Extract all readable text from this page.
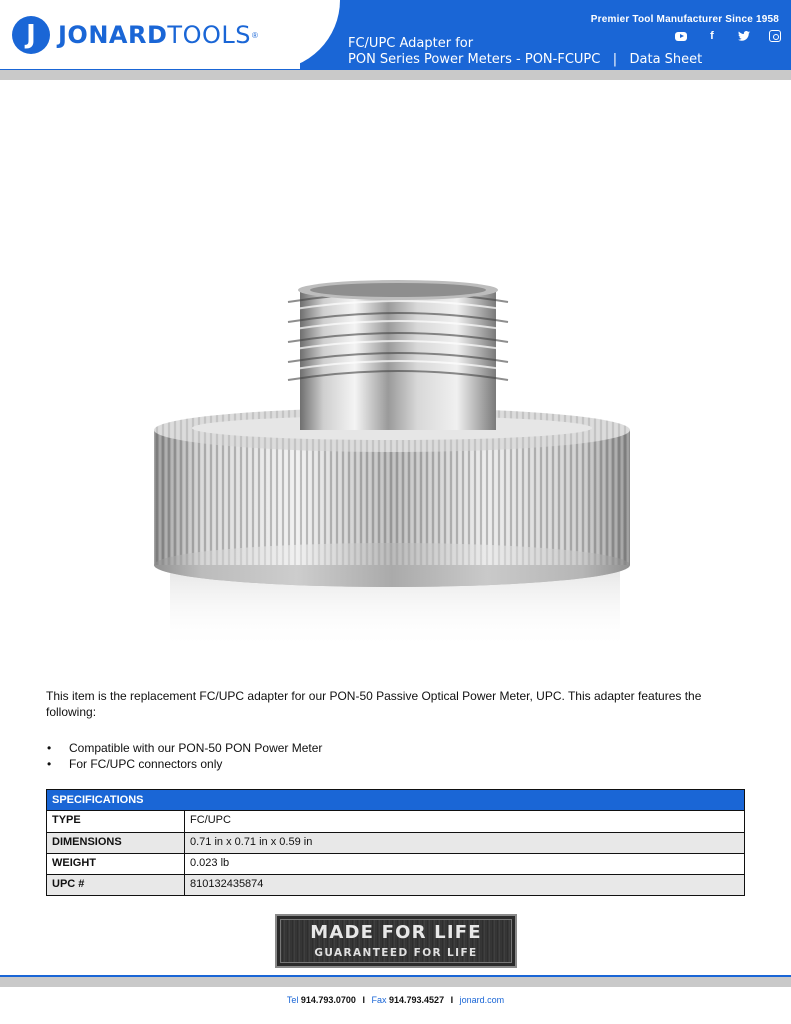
J JONARD TOOLS ®
Premier Tool Manufacturer Since 1958
f
FC/UPC Adapter for
PON Series Power Meters - PON-FCUPC   |   Data Sheet

This item is the replacement FC/UPC adapter for our PON-50 Passive Optical Power Meter, UPC. This adapter features the following:

• Compatible with our PON-50 PON Power Meter
• For FC/UPC connectors only
SPECIFICATIONS
TYPE	FC/UPC
DIMENSIONS	0.71 in x 0.71 in x 0.59 in
WEIGHT	0.023 lb
UPC #	810132435874
MADE FOR LIFE
GUARANTEED FOR LIFE
Tel 914.793.0700 I Fax 914.793.4527 I jonard.com
